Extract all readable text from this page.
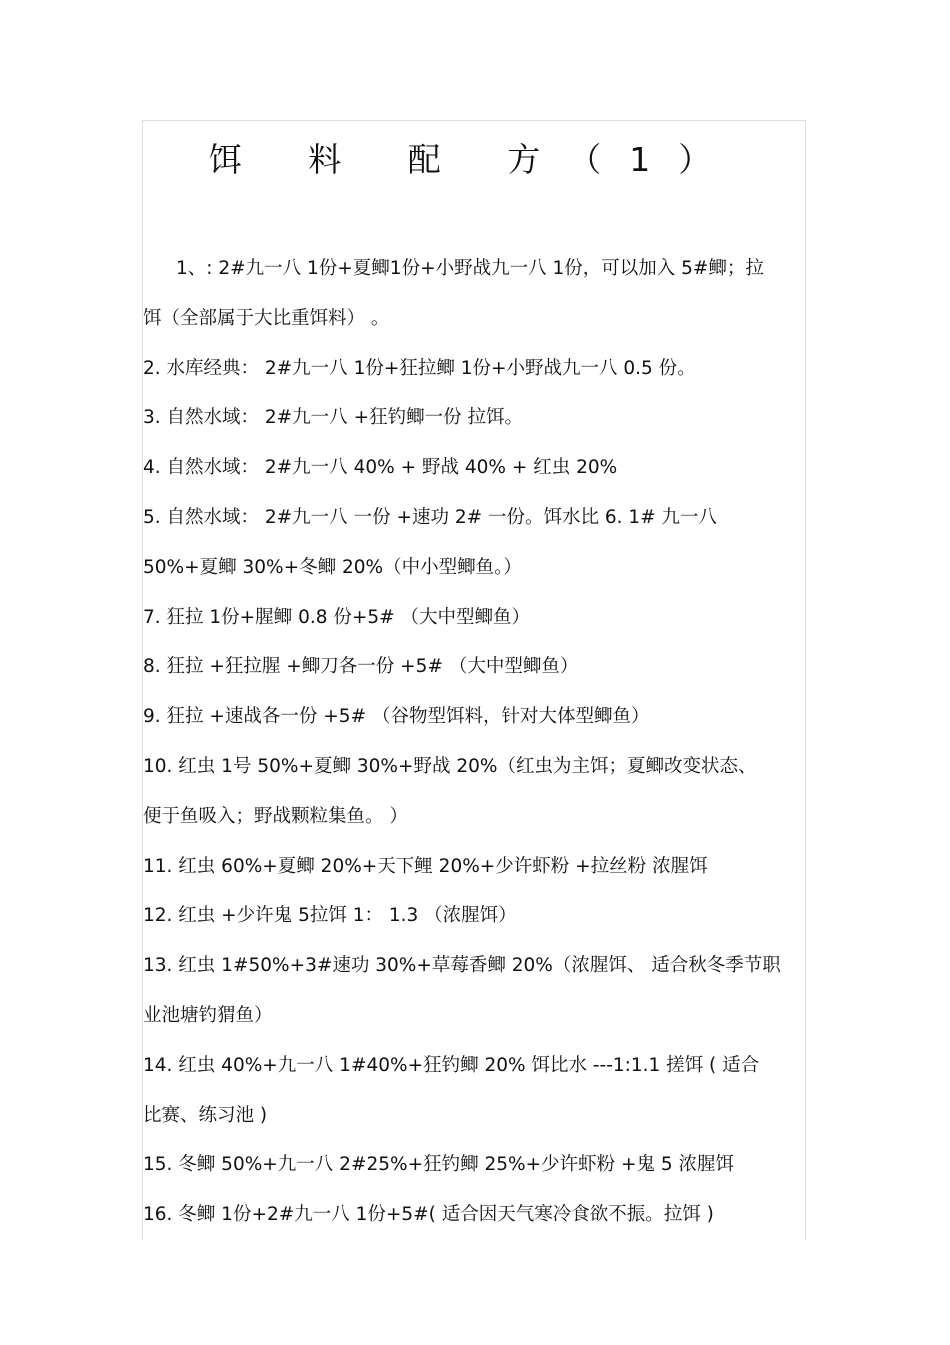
饵 料 配 方（1）

1、: 2#九一八 1份+夏鲫1份+小野战九一八 1份，可以加入 5#鲫；拉

饵（全部属于大比重饵料） 。

2. 水库经典： 2#九一八 1份+狂拉鲫 1份+小野战九一八 0.5 份。

3. 自然水域： 2#九一八 +狂钓鲫一份 拉饵。

4. 自然水域： 2#九一八 40% + 野战 40% + 红虫 20%

5. 自然水域： 2#九一八 一份 +速功 2# 一份。饵水比 6. 1# 九一八

50%+夏鲫 30%+冬鲫 20%（中小型鲫鱼。）

7. 狂拉 1份+腥鲫 0.8 份+5# （大中型鲫鱼）

8. 狂拉 +狂拉腥 +鲫刀各一份 +5# （大中型鲫鱼）

9. 狂拉 +速战各一份 +5# （谷物型饵料，针对大体型鲫鱼）

10. 红虫 1号 50%+夏鲫 30%+野战 20%（红虫为主饵；夏鲫改变状态、

便于鱼吸入；野战颗粒集鱼。 ）

11. 红虫 60%+夏鲫 20%+天下鲤 20%+少许虾粉 +拉丝粉 浓腥饵

12. 红虫 +少许鬼 5拉饵 1： 1.3 （浓腥饵）

13. 红虫 1#50%+3#速功 30%+草莓香鲫 20%（浓腥饵、 适合秋冬季节职

业池塘钓猬鱼）

14. 红虫 40%+九一八 1#40%+狂钓鲫 20% 饵比水 ---1:1.1 搓饵 ( 适合

比赛、练习池 )

15. 冬鲫 50%+九一八 2#25%+狂钓鲫 25%+少许虾粉 +鬼 5 浓腥饵

16. 冬鲫 1份+2#九一八 1份+5#( 适合因天气寒冷食欲不振。拉饵 )
